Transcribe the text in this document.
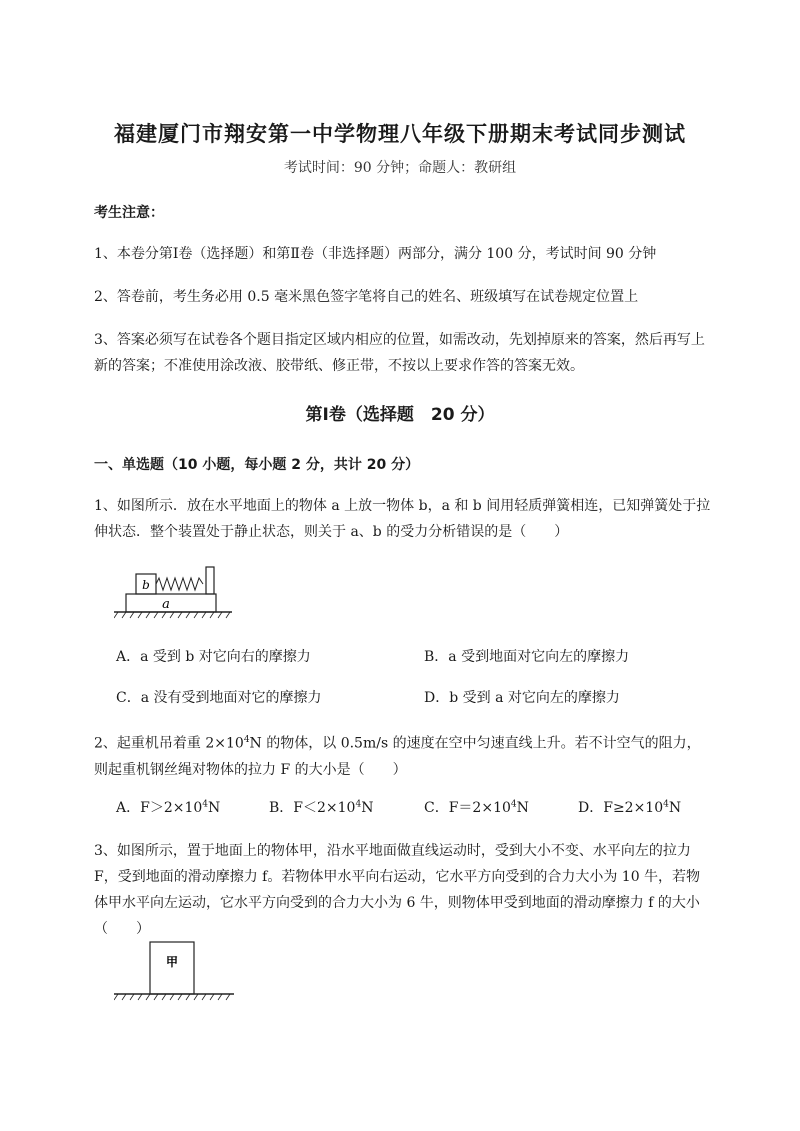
福建厦门市翔安第一中学物理八年级下册期末考试同步测试
考试时间：90 分钟；命题人：教研组
考生注意：
1、本卷分第Ⅰ卷（选择题）和第Ⅱ卷（非选择题）两部分，满分 100 分，考试时间 90 分钟
2、答卷前，考生务必用 0.5 毫米黑色签字笔将自己的姓名、班级填写在试卷规定位置上
3、答案必须写在试卷各个题目指定区域内相应的位置，如需改动，先划掉原来的答案，然后再写上新的答案；不准使用涂改液、胶带纸、修正带，不按以上要求作答的答案无效。
第Ⅰ卷（选择题　20 分）
一、单选题（10 小题，每小题 2 分，共计 20 分）
1、如图所示．放在水平地面上的物体 a 上放一物体 b，a 和 b 间用轻质弹簧相连，已知弹簧处于拉伸状态．整个装置处于静止状态，则关于 a、b 的受力分析错误的是（　　）
b
a
A．a 受到 b 对它向右的摩擦力	B．a 受到地面对它向左的摩擦力
C．a 没有受到地面对它的摩擦力	D．b 受到 a 对它向左的摩擦力
2、起重机吊着重 $2\times 10^4N$ 的物体，以 0.5m/s 的速度在空中匀速直线上升。若不计空气的阻力，则起重机钢丝绳对物体的拉力 F 的大小是（　　）
A．$F>2\times 10^4N$	B．$F<2\times 10^4N$	C．$F=2\times 10^4N$	D．$F\ge 2\times 10^4N$
3、如图所示，置于地面上的物体甲，沿水平地面做直线运动时，受到大小不变、水平向左的拉力 F，受到地面的滑动摩擦力 f。若物体甲水平向右运动，它水平方向受到的合力大小为 10 牛，若物体甲水平向左运动，它水平方向受到的合力大小为 6 牛，则物体甲受到地面的滑动摩擦力 f 的大小（　　）
甲
